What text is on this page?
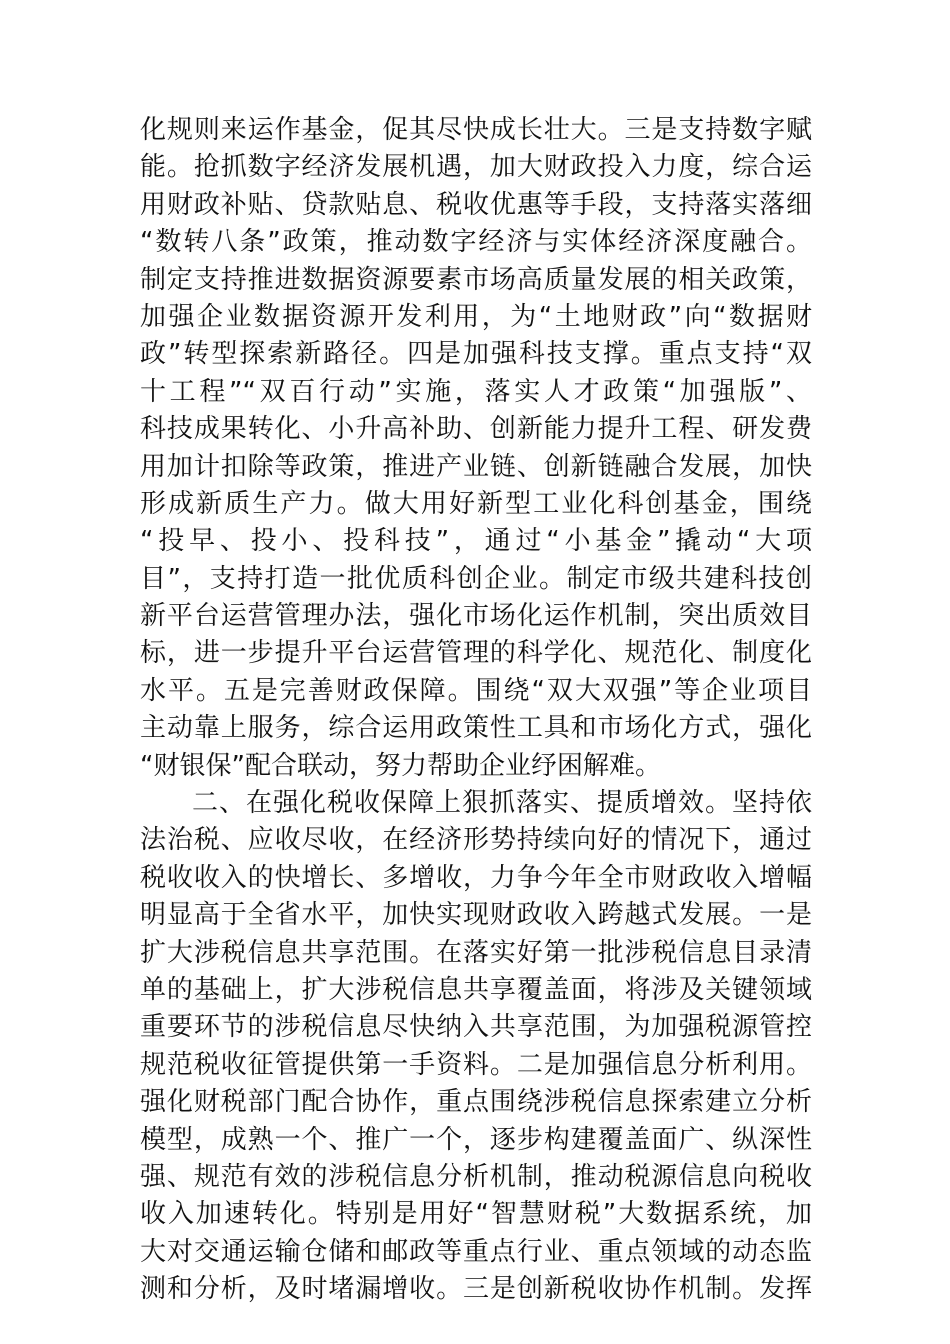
化规则来运作基金，促其尽快成长壮大。三是支持数字赋
能。抢抓数字经济发展机遇，加大财政投入力度，综合运
用财政补贴、贷款贴息、税收优惠等手段，支持落实落细
“数转八条”政策，推动数字经济与实体经济深度融合。
制定支持推进数据资源要素市场高质量发展的相关政策，
加强企业数据资源开发利用，为“土地财政”向“数据财
政”转型探索新路径。四是加强科技支撑。重点支持“双
十工程”“双百行动”实施，落实人才政策“加强版”、
科技成果转化、小升高补助、创新能力提升工程、研发费
用加计扣除等政策，推进产业链、创新链融合发展，加快
形成新质生产力。做大用好新型工业化科创基金，围绕
“投早、投小、投科技”，通过“小基金”撬动“大项
目”，支持打造一批优质科创企业。制定市级共建科技创
新平台运营管理办法，强化市场化运作机制，突出质效目
标，进一步提升平台运营管理的科学化、规范化、制度化
水平。五是完善财政保障。围绕“双大双强”等企业项目
主动靠上服务，综合运用政策性工具和市场化方式，强化
“财银保”配合联动，努力帮助企业纾困解难。
二、在强化税收保障上狠抓落实、提质增效。坚持依
法治税、应收尽收，在经济形势持续向好的情况下，通过
税收收入的快增长、多增收，力争今年全市财政收入增幅
明显高于全省水平，加快实现财政收入跨越式发展。一是
扩大涉税信息共享范围。在落实好第一批涉税信息目录清
单的基础上，扩大涉税信息共享覆盖面，将涉及关键领域
重要环节的涉税信息尽快纳入共享范围，为加强税源管控
规范税收征管提供第一手资料。二是加强信息分析利用。
强化财税部门配合协作，重点围绕涉税信息探索建立分析
模型，成熟一个、推广一个，逐步构建覆盖面广、纵深性
强、规范有效的涉税信息分析机制，推动税源信息向税收
收入加速转化。特别是用好“智慧财税”大数据系统，加
大对交通运输仓储和邮政等重点行业、重点领域的动态监
测和分析，及时堵漏增收。三是创新税收协作机制。发挥
